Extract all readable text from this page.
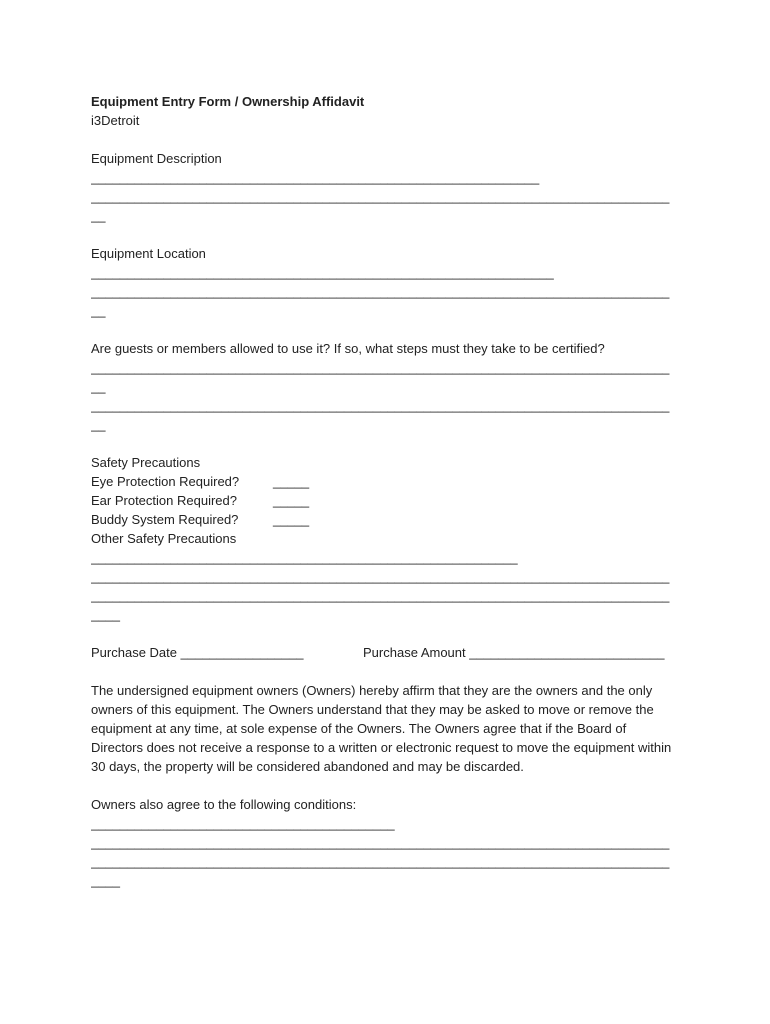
Equipment Entry Form / Ownership Affidavit
i3Detroit
Equipment Description
______________________________________________________________
________________________________________________________________________________
__
Equipment Location
________________________________________________________________
________________________________________________________________________________
__
Are guests or members allowed to use it? If so, what steps must they take to be certified?
________________________________________________________________________________
__
________________________________________________________________________________
__
Safety Precautions
Eye Protection Required?	_____
Ear Protection Required?	_____
Buddy System Required?	_____
Other Safety Precautions
___________________________________________________________
________________________________________________________________________________
________________________________________________________________________________
____
Purchase Date _________________	Purchase Amount ___________________________
The undersigned equipment owners (Owners) hereby affirm that they are the owners and the only owners of this equipment. The Owners understand that they may be asked to move or remove the equipment at any time, at sole expense of the Owners. The Owners agree that if the Board of Directors does not receive a response to a written or electronic request to move the equipment within 30 days, the property will be considered abandoned and may be discarded.
Owners also agree to the following conditions:
__________________________________________
________________________________________________________________________________
________________________________________________________________________________
____
